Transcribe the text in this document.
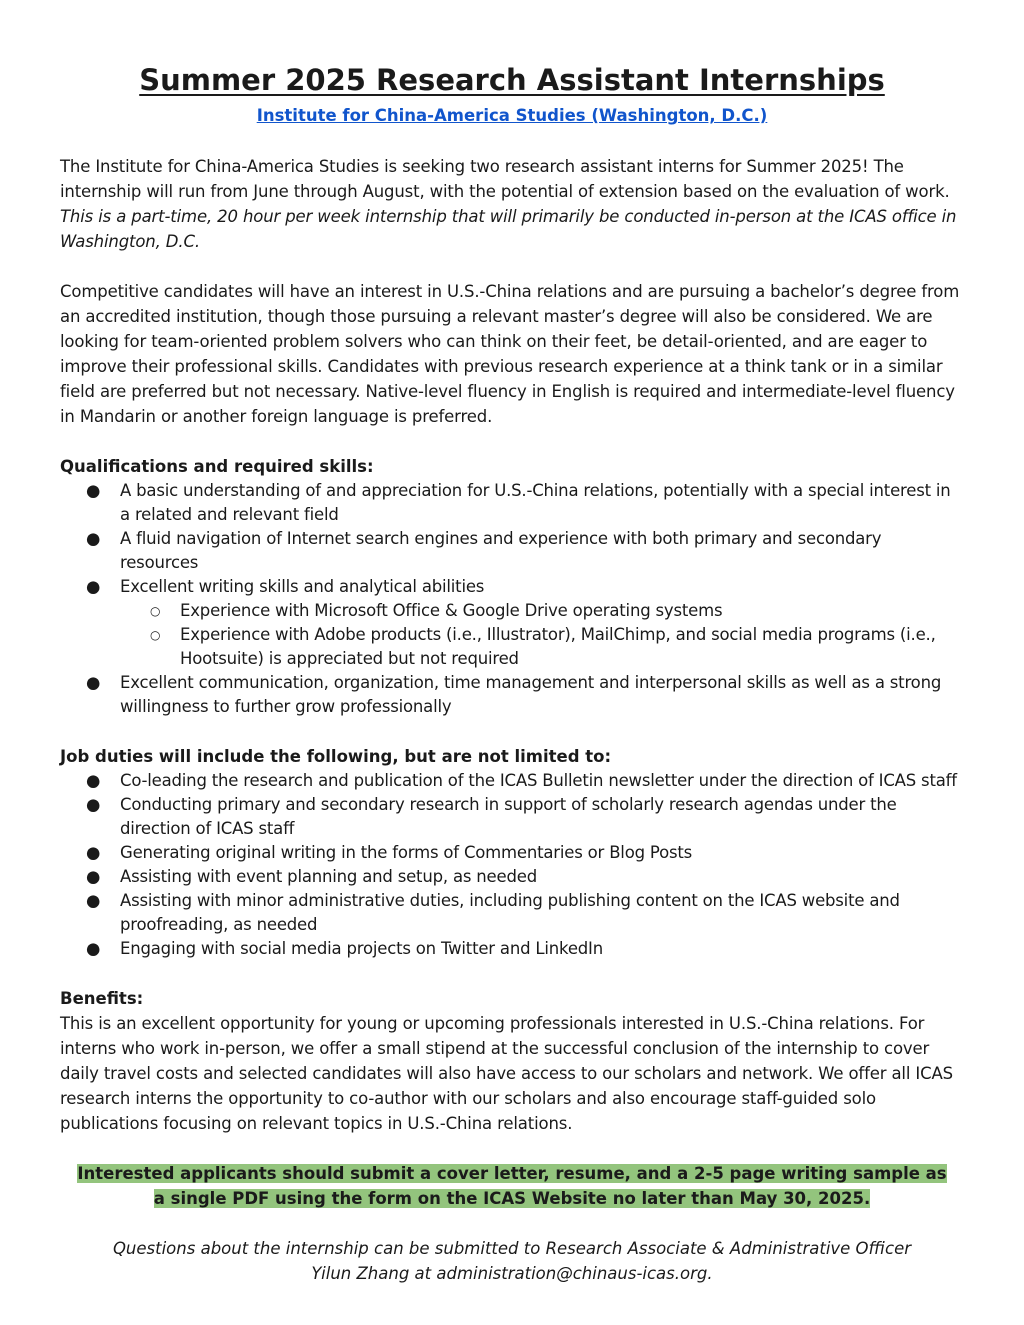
Summer 2025 Research Assistant Internships
Institute for China-America Studies (Washington, D.C.)

The Institute for China-America Studies is seeking two research assistant interns for Summer 2025! The internship will run from June through August, with the potential of extension based on the evaluation of work. This is a part-time, 20 hour per week internship that will primarily be conducted in-person at the ICAS office in Washington, D.C.

Competitive candidates will have an interest in U.S.-China relations and are pursuing a bachelor’s degree from an accredited institution, though those pursuing a relevant master’s degree will also be considered. We are looking for team-oriented problem solvers who can think on their feet, be detail-oriented, and are eager to improve their professional skills. Candidates with previous research experience at a think tank or in a similar field are preferred but not necessary. Native-level fluency in English is required and intermediate-level fluency in Mandarin or another foreign language is preferred.

Qualifications and required skills:
● A basic understanding of and appreciation for U.S.-China relations, potentially with a special interest in a related and relevant field
● A fluid navigation of Internet search engines and experience with both primary and secondary resources
● Excellent writing skills and analytical abilities
○ Experience with Microsoft Office & Google Drive operating systems
○ Experience with Adobe products (i.e., Illustrator), MailChimp, and social media programs (i.e., Hootsuite) is appreciated but not required
● Excellent communication, organization, time management and interpersonal skills as well as a strong willingness to further grow professionally
Job duties will include the following, but are not limited to:
● Co-leading the research and publication of the ICAS Bulletin newsletter under the direction of ICAS staff
● Conducting primary and secondary research in support of scholarly research agendas under the direction of ICAS staff
● Generating original writing in the forms of Commentaries or Blog Posts
● Assisting with event planning and setup, as needed
● Assisting with minor administrative duties, including publishing content on the ICAS website and proofreading, as needed
● Engaging with social media projects on Twitter and LinkedIn
Benefits:

This is an excellent opportunity for young or upcoming professionals interested in U.S.-China relations. For interns who work in-person, we offer a small stipend at the successful conclusion of the internship to cover daily travel costs and selected candidates will also have access to our scholars and network. We offer all ICAS research interns the opportunity to co-author with our scholars and also encourage staff-guided solo publications focusing on relevant topics in U.S.-China relations.

Interested applicants should submit a cover letter, resume, and a 2-5 page writing sample as
a single PDF using the form on the ICAS Website no later than May 30, 2025.
Questions about the internship can be submitted to Research Associate & Administrative Officer
Yilun Zhang at administration@chinaus-icas.org.
